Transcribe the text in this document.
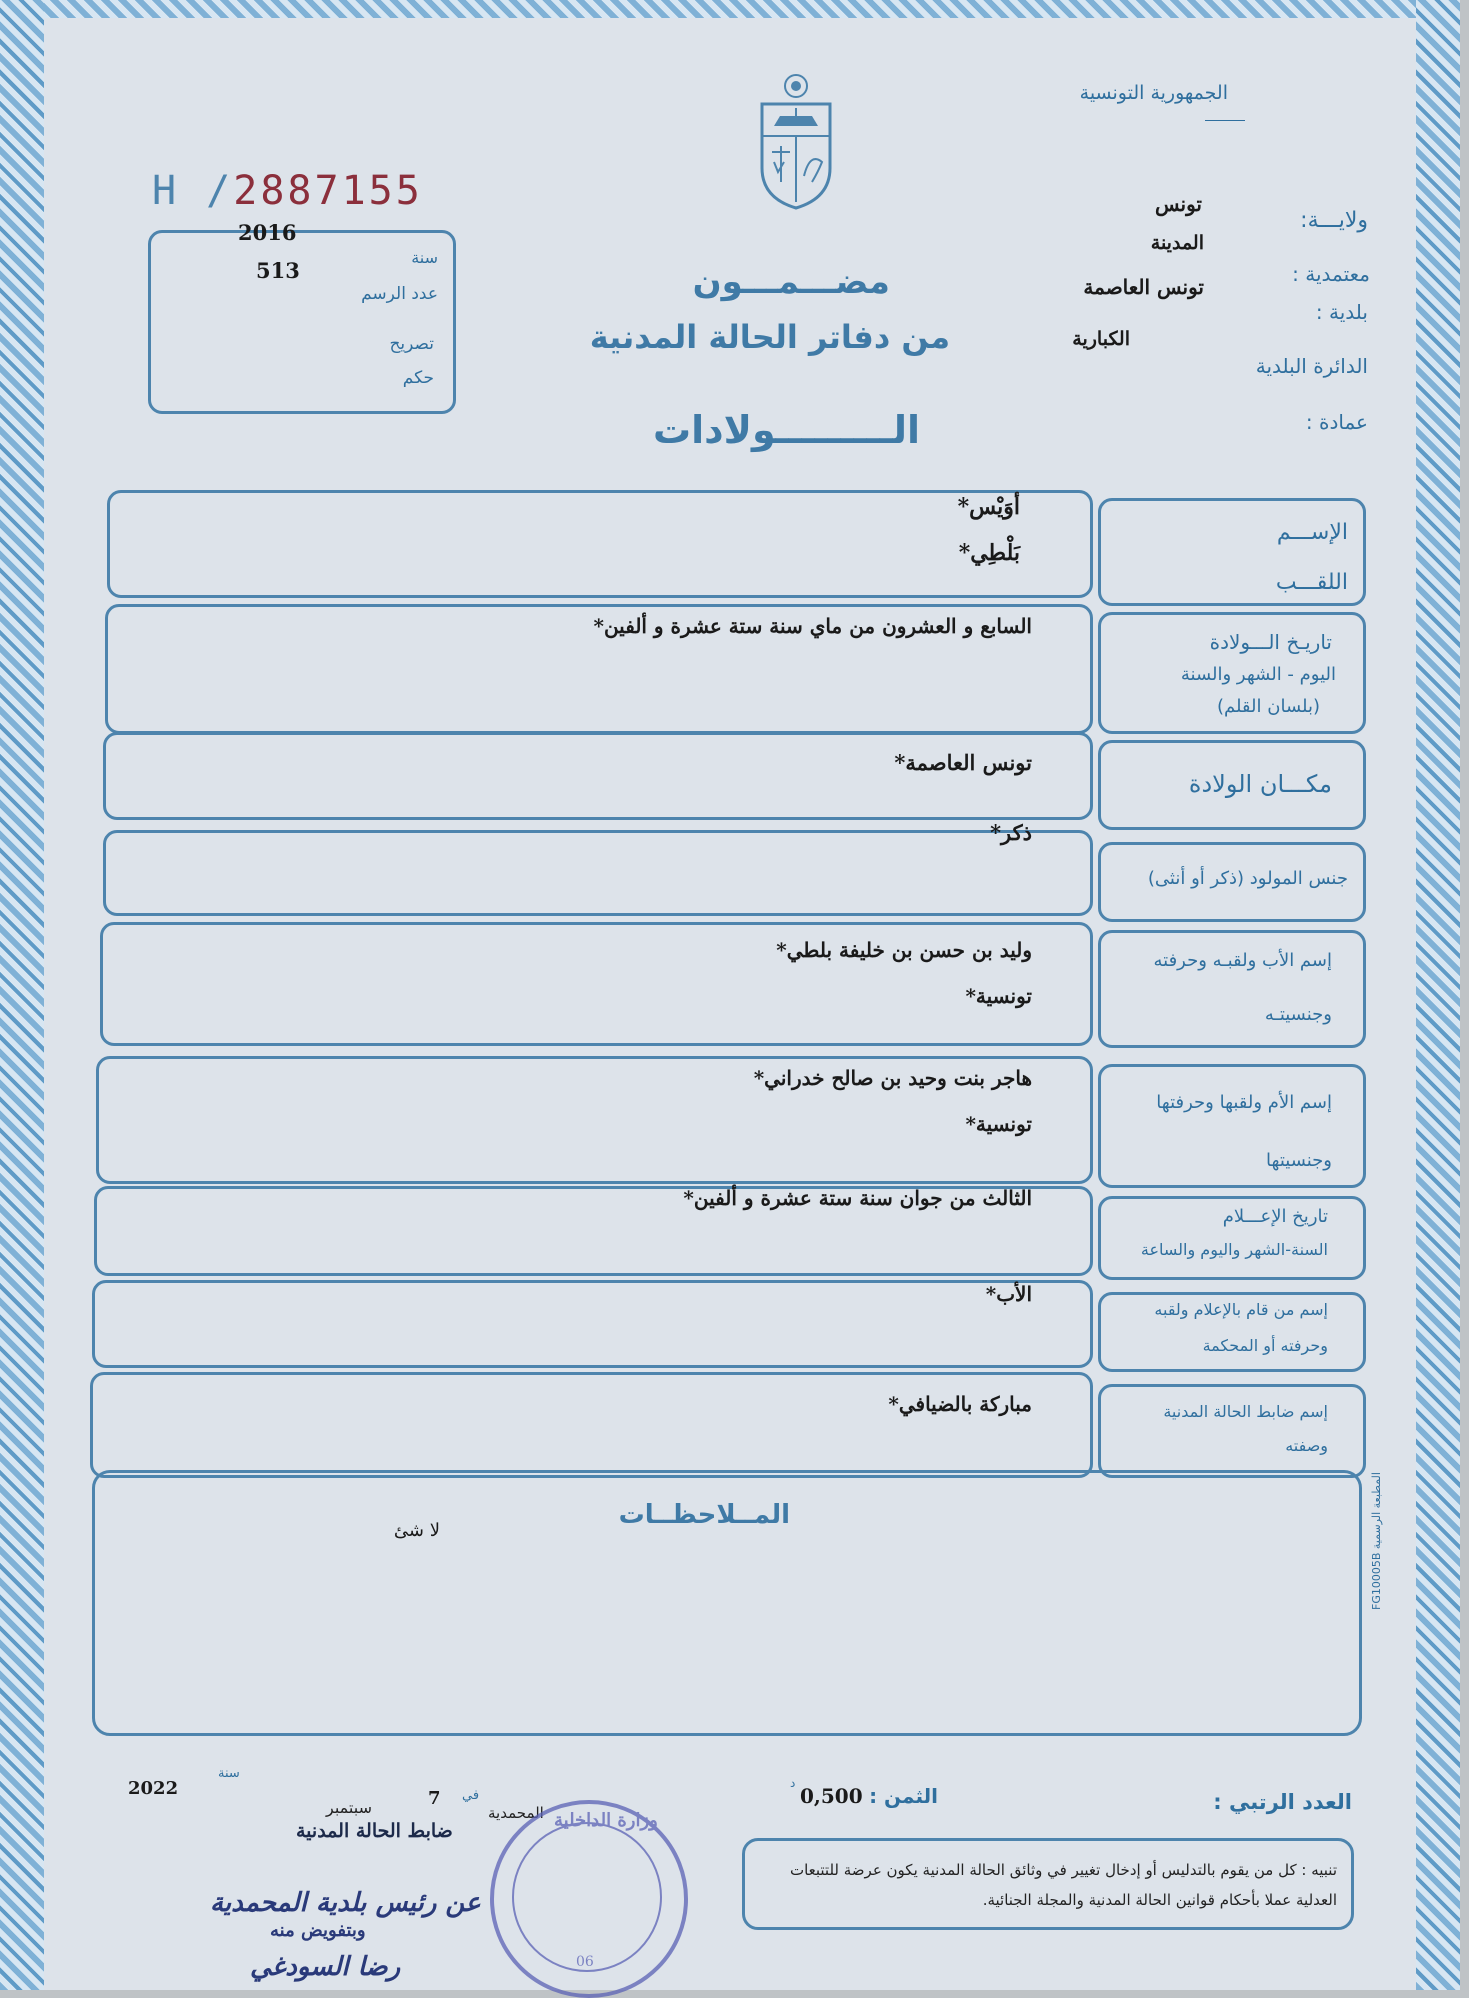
الجمهورية التونسية
ولايـــة:
تونس
معتمدية :
المدينة
بلدية :
تونس العاصمة
الدائرة البلدية
الكبارية
عمادة :
H /2887155
2016
سنة
513
عدد الرسم
تصريح
حكم
مضـــمـــون
من دفاتر الحالة المدنية
الـــــــــولادات
الإســـم
اللقـــب
أوَيْس*
بَلْطِي*
تاريـخ الـــولادة
اليوم - الشهر والسنة
(بلسان القلم)
السابع و العشرون من ماي سنة ستة عشرة و ألفين*
مكـــان الولادة
تونس العاصمة*
جنس المولود (ذكر أو أنثى)
ذكر*
إسم الأب ولقبـه وحرفته
وجنسيتـه
وليد بن حسن بن خليفة بلطي*
تونسية*
إسم الأم ولقبها وحرفتها
وجنسيتها
هاجر بنت وحيد بن صالح خدراني*
تونسية*
تاريخ الإعـــلام
السنة-الشهر واليوم والساعة
الثالث من جوان سنة ستة عشرة و ألفين*
إسم من قام بالإعلام ولقبه
وحرفته أو المحكمة
الأب*
إسم ضابط الحالة المدنية
وصفته
مباركة بالضيافي*
المــلاحظــات
لا شئ
المطبعة الرسمية FG10005B
العدد الرتبي :
الثمن :
0,500
د
المحمدية
في
7
سبتمبر
سنة
2022
ضابط الحالة المدنية
عن رئيس بلدية المحمدية
وبتفويض منه
رضا السودغي
وزارة الداخلية
06
تنبيه : كل من يقوم بالتدليس أو إدخال تغيير في وثائق الحالة المدنية يكون عرضة للتتبعات العدلية عملا بأحكام قوانين الحالة المدنية والمجلة الجنائية.
